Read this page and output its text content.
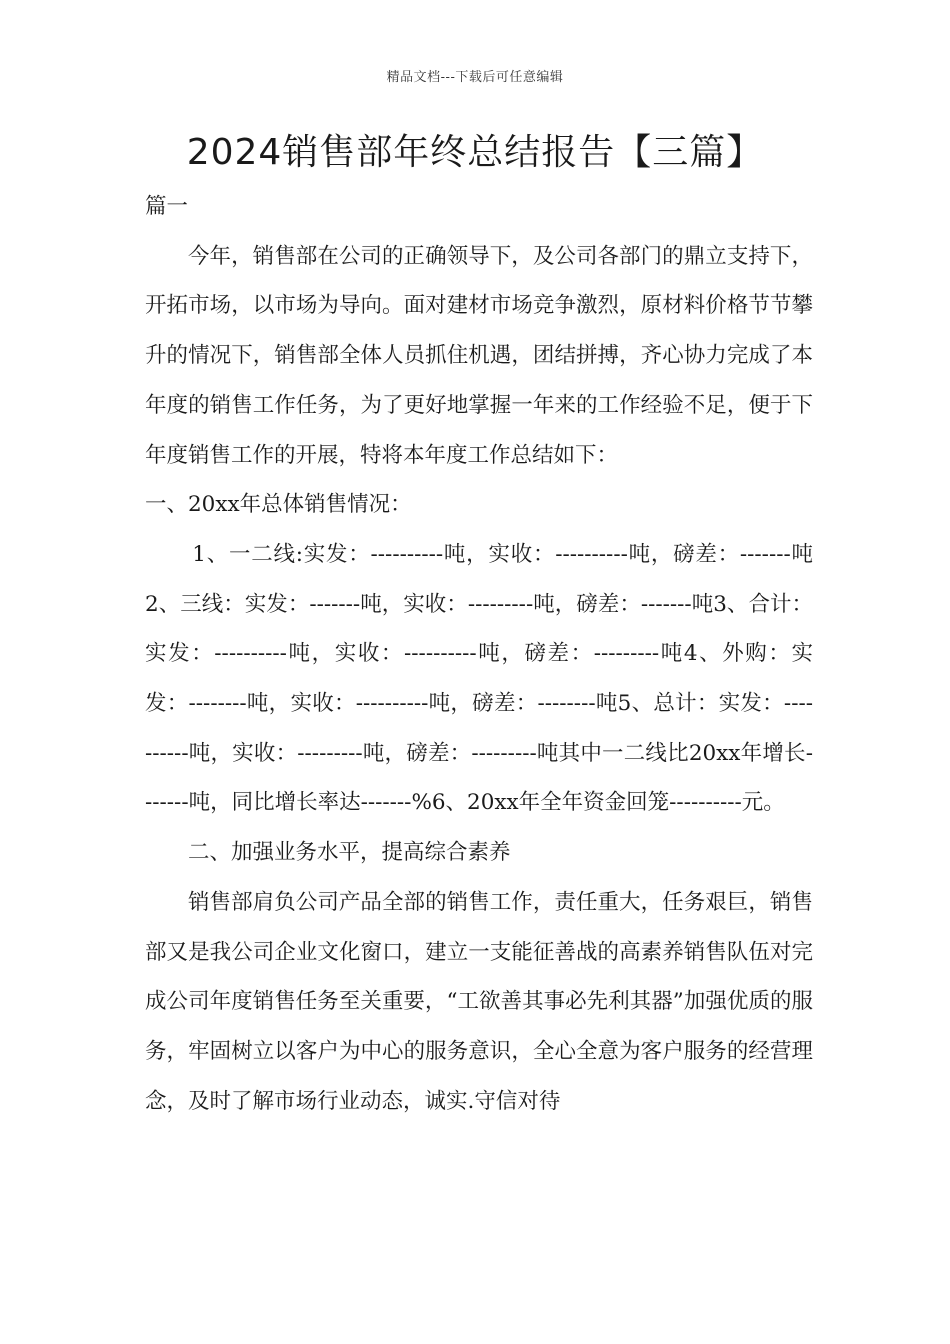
精品文档---下载后可任意编辑
2024销售部年终总结报告【三篇】

篇一

今年，销售部在公司的正确领导下，及公司各部门的鼎立支持下，开拓市场，以市场为导向。面对建材市场竞争激烈，原材料价格节节攀升的情况下，销售部全体人员抓住机遇，团结拼搏，齐心协力完成了本年度的销售工作任务，为了更好地掌握一年来的工作经验不足，便于下年度销售工作的开展，特将本年度工作总结如下：

一、20xx年总体销售情况：

1、一二线:实发：----------吨，实收：----------吨，磅差：-------吨2、三线：实发：-------吨，实收：---------吨，磅差：-------吨3、合计：实发：----------吨，实收：----------吨，磅差：---------吨4、外购：实发：--------吨，实收：----------吨，磅差：--------吨5、总计：实发：----------吨，实收：---------吨，磅差：---------吨其中一二线比20xx年增长-------吨，同比增长率达-------%6、20xx年全年资金回笼----------元。

二、加强业务水平，提高综合素养

销售部肩负公司产品全部的销售工作，责任重大，任务艰巨，销售部又是我公司企业文化窗口，建立一支能征善战的高素养销售队伍对完成公司年度销售任务至关重要，“工欲善其事必先利其器”加强优质的服务，牢固树立以客户为中心的服务意识，全心全意为客户服务的经营理念，及时了解市场行业动态，诚实.守信对待
